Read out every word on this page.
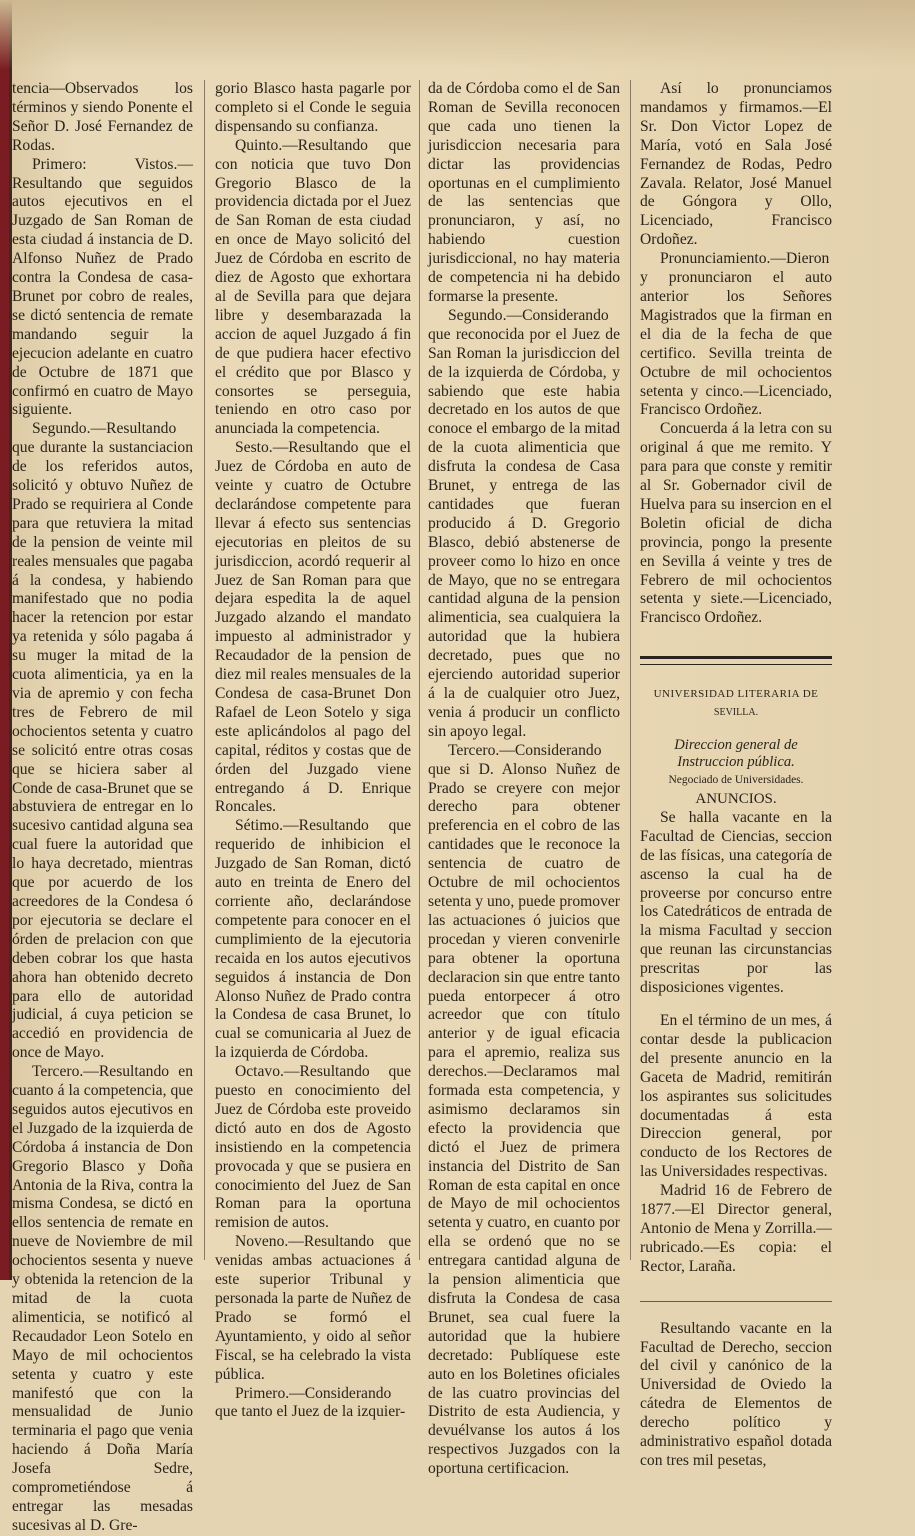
tencia—Observados los términos y siendo Ponente el Señor D. José Fernandez de Rodas.

Primero: Vistos.—Resultando que seguidos autos ejecutivos en el Juzgado de San Roman de esta ciudad á instancia de D. Alfonso Nuñez de Prado contra la Condesa de casa-Brunet por cobro de reales, se dictó sentencia de remate mandando seguir la ejecucion adelante en cuatro de Octubre de 1871 que confirmó en cuatro de Mayo siguiente.

Segundo.—Resultando que durante la sustanciacion de los referidos autos, solicitó y obtuvo Nuñez de Prado se requiriera al Conde para que retuviera la mitad de la pension de veinte mil reales mensuales que pagaba á la condesa, y habiendo manifestado que no podia hacer la retencion por estar ya retenida y sólo pagaba á su muger la mitad de la cuota alimenticia, ya en la via de apremio y con fecha tres de Febrero de mil ochocientos setenta y cuatro se solicitó entre otras cosas que se hiciera saber al Conde de casa-Brunet que se abstuviera de entregar en lo sucesivo cantidad alguna sea cual fuere la autoridad que lo haya decretado, mientras que por acuerdo de los acreedores de la Condesa ó por ejecutoria se declare el órden de prelacion con que deben cobrar los que hasta ahora han obtenido decreto para ello de autoridad judicial, á cuya peticion se accedió en providencia de once de Mayo.

Tercero.—Resultando en cuanto á la competencia, que seguidos autos ejecutivos en el Juzgado de la izquierda de Córdoba á instancia de Don Gregorio Blasco y Doña Antonia de la Riva, contra la misma Condesa, se dictó en ellos sentencia de remate en nueve de Noviembre de mil ochocientos sesenta y nueve y obtenida la retencion de la mitad de la cuota alimenticia, se notificó al Recaudador Leon Sotelo en Mayo de mil ochocientos setenta y cuatro y este manifestó que con la mensualidad de Junio terminaria el pago que venia haciendo á Doña María Josefa Sedre, comprometiéndose á entregar las mesadas sucesivas al D. Gre-

gorio Blasco hasta pagarle por completo si el Conde le seguia dispensando su confianza.

Quinto.—Resultando que con noticia que tuvo Don Gregorio Blasco de la providencia dictada por el Juez de San Roman de esta ciudad en once de Mayo solicitó del Juez de Córdoba en escrito de diez de Agosto que exhortara al de Sevilla para que dejara libre y desembarazada la accion de aquel Juzgado á fin de que pudiera hacer efectivo el crédito que por Blasco y consortes se perseguia, teniendo en otro caso por anunciada la competencia.

Sesto.—Resultando que el Juez de Córdoba en auto de veinte y cuatro de Octubre declarándose competente para llevar á efecto sus sentencias ejecutorias en pleitos de su jurisdiccion, acordó requerir al Juez de San Roman para que dejara espedita la de aquel Juzgado alzando el mandato impuesto al administrador y Recaudador de la pension de diez mil reales mensuales de la Condesa de casa-Brunet Don Rafael de Leon Sotelo y siga este aplicándolos al pago del capital, réditos y costas que de órden del Juzgado viene entregando á D. Enrique Roncales.

Sétimo.—Resultando que requerido de inhibicion el Juzgado de San Roman, dictó auto en treinta de Enero del corriente año, declarándose competente para conocer en el cumplimiento de la ejecutoria recaida en los autos ejecutivos seguidos á instancia de Don Alonso Nuñez de Prado contra la Condesa de casa Brunet, lo cual se comunicaria al Juez de la izquierda de Córdoba.

Octavo.—Resultando que puesto en conocimiento del Juez de Córdoba este proveido dictó auto en dos de Agosto insistiendo en la competencia provocada y que se pusiera en conocimiento del Juez de San Roman para la oportuna remision de autos.

Noveno.—Resultando que venidas ambas actuaciones á este superior Tribunal y personada la parte de Nuñez de Prado se formó el Ayuntamiento, y oido al señor Fiscal, se ha celebrado la vista pública.

Primero.—Considerando que tanto el Juez de la izquier-

da de Córdoba como el de San Roman de Sevilla reconocen que cada uno tienen la jurisdiccion necesaria para dictar las providencias oportunas en el cumplimiento de las sentencias que pronunciaron, y así, no habiendo cuestion jurisdiccional, no hay materia de competencia ni ha debido formarse la presente.

Segundo.—Considerando que reconocida por el Juez de San Roman la jurisdiccion del de la izquierda de Córdoba, y sabiendo que este habia decretado en los autos de que conoce el embargo de la mitad de la cuota alimenticia que disfruta la condesa de Casa Brunet, y entrega de las cantidades que fueran producido á D. Gregorio Blasco, debió abstenerse de proveer como lo hizo en once de Mayo, que no se entregara cantidad alguna de la pension alimenticia, sea cualquiera la autoridad que la hubiera decretado, pues que no ejerciendo autoridad superior á la de cualquier otro Juez, venia á producir un conflicto sin apoyo legal.

Tercero.—Considerando que si D. Alonso Nuñez de Prado se creyere con mejor derecho para obtener preferencia en el cobro de las cantidades que le reconoce la sentencia de cuatro de Octubre de mil ochocientos setenta y uno, puede promover las actuaciones ó juicios que procedan y vieren convenirle para obtener la oportuna declaracion sin que entre tanto pueda entorpecer á otro acreedor que con título anterior y de igual eficacia para el apremio, realiza sus derechos.—Declaramos mal formada esta competencia, y asimismo declaramos sin efecto la providencia que dictó el Juez de primera instancia del Distrito de San Roman de esta capital en once de Mayo de mil ochocientos setenta y cuatro, en cuanto por ella se ordenó que no se entregara cantidad alguna de la pension alimenticia que disfruta la Condesa de casa Brunet, sea cual fuere la autoridad que la hubiere decretado: Publíquese este auto en los Boletines oficiales de las cuatro provincias del Distrito de esta Audiencia, y devuélvanse los autos á los respectivos Juzgados con la oportuna certificacion.

Así lo pronunciamos mandamos y firmamos.—El Sr. Don Victor Lopez de María, votó en Sala José Fernandez de Rodas, Pedro Zavala. Relator, José Manuel de Góngora y Ollo, Licenciado, Francisco Ordoñez.

Pronunciamiento.—Dieron y pronunciaron el auto anterior los Señores Magistrados que la firman en el dia de la fecha de que certifico. Sevilla treinta de Octubre de mil ochocientos setenta y cinco.—Licenciado, Francisco Ordoñez.

Concuerda á la letra con su original á que me remito. Y para para que conste y remitir al Sr. Gobernador civil de Huelva para su insercion en el Boletin oficial de dicha provincia, pongo la presente en Sevilla á veinte y tres de Febrero de mil ochocientos setenta y siete.—Licenciado, Francisco Ordoñez.

UNIVERSIDAD LITERARIA DE

SEVILLA.

Direccion general de Instruccion pública.

Negociado de Universidades.

ANUNCIOS.

Se halla vacante en la Facultad de Ciencias, seccion de las físicas, una categoría de ascenso la cual ha de proveerse por concurso entre los Catedráticos de entrada de la misma Facultad y seccion que reunan las circunstancias prescritas por las disposiciones vigentes.

En el término de un mes, á contar desde la publicacion del presente anuncio en la Gaceta de Madrid, remitirán los aspirantes sus solicitudes documentadas á esta Direccion general, por conducto de los Rectores de las Universidades respectivas.

Madrid 16 de Febrero de 1877.—El Director general, Antonio de Mena y Zorrilla.—rubricado.—Es copia: el Rector, Laraña.

Resultando vacante en la Facultad de Derecho, seccion del civil y canónico de la Universidad de Oviedo la cátedra de Elementos de derecho político y administrativo español dotada con tres mil pesetas,
